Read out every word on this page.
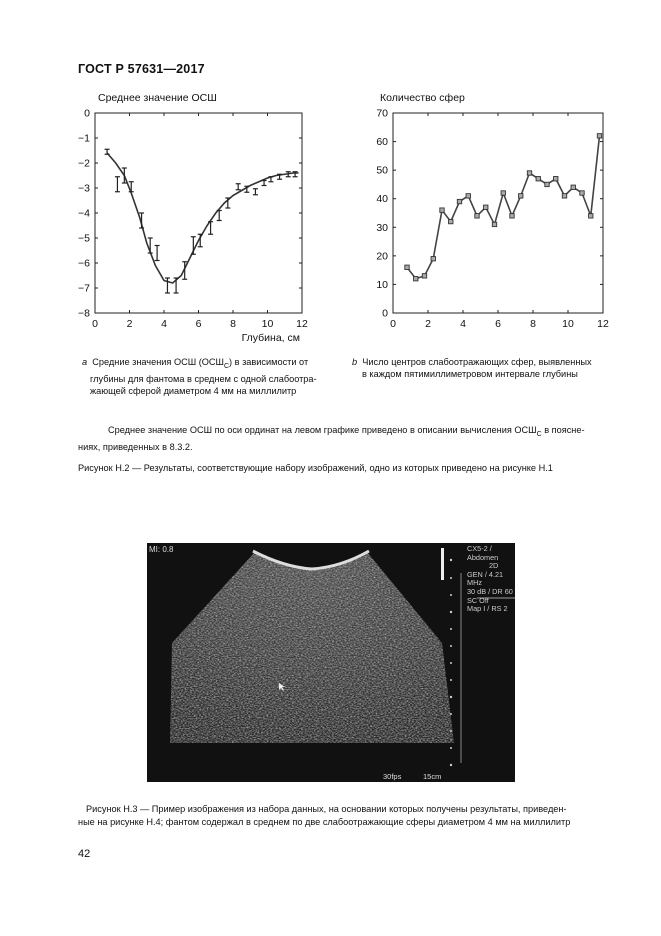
ГОСТ Р 57631—2017
Среднее значение ОСШ	Количество сфер
0	2	4	6	8 10 12
0
−1
−2
−3
−4
−5
−6
−7
−8
Глубина, см
0	2	4	6	8 10 12
0
10
20
30
40
50
60
70
a Средние значения ОСШ $(ОСШ_C)$ в зависимости от
глубины для фантома в среднем с одной слабоотра-
жающей сферой диаметром 4 мм на миллилитр
b Число центров слабоотражающих сфер, выявленных
в каждом пятимиллиметровом интервале глубины
Среднее значение ОСШ по оси ординат на левом графике приведено в описании вычисления $ОСШ_C$ в поясне-
ниях, приведенных в 8.3.2.
Рисунок Н.2 — Результаты, соответствующие набору изображений, одно из которых приведено на рисунке Н.1
MI: 0.8	CX5-2 / Abdomen
2D
GEN / 4.21 MHz
30 dB / DR 60
SC Off
Map I / RS 2
30fps	15cm
Рисунок Н.3 — Пример изображения из набора данных, на основании которых получены результаты, приведен-
ные на рисунке Н.4; фантом содержал в среднем по две слабоотражающие сферы диаметром 4 мм на миллилитр
42
